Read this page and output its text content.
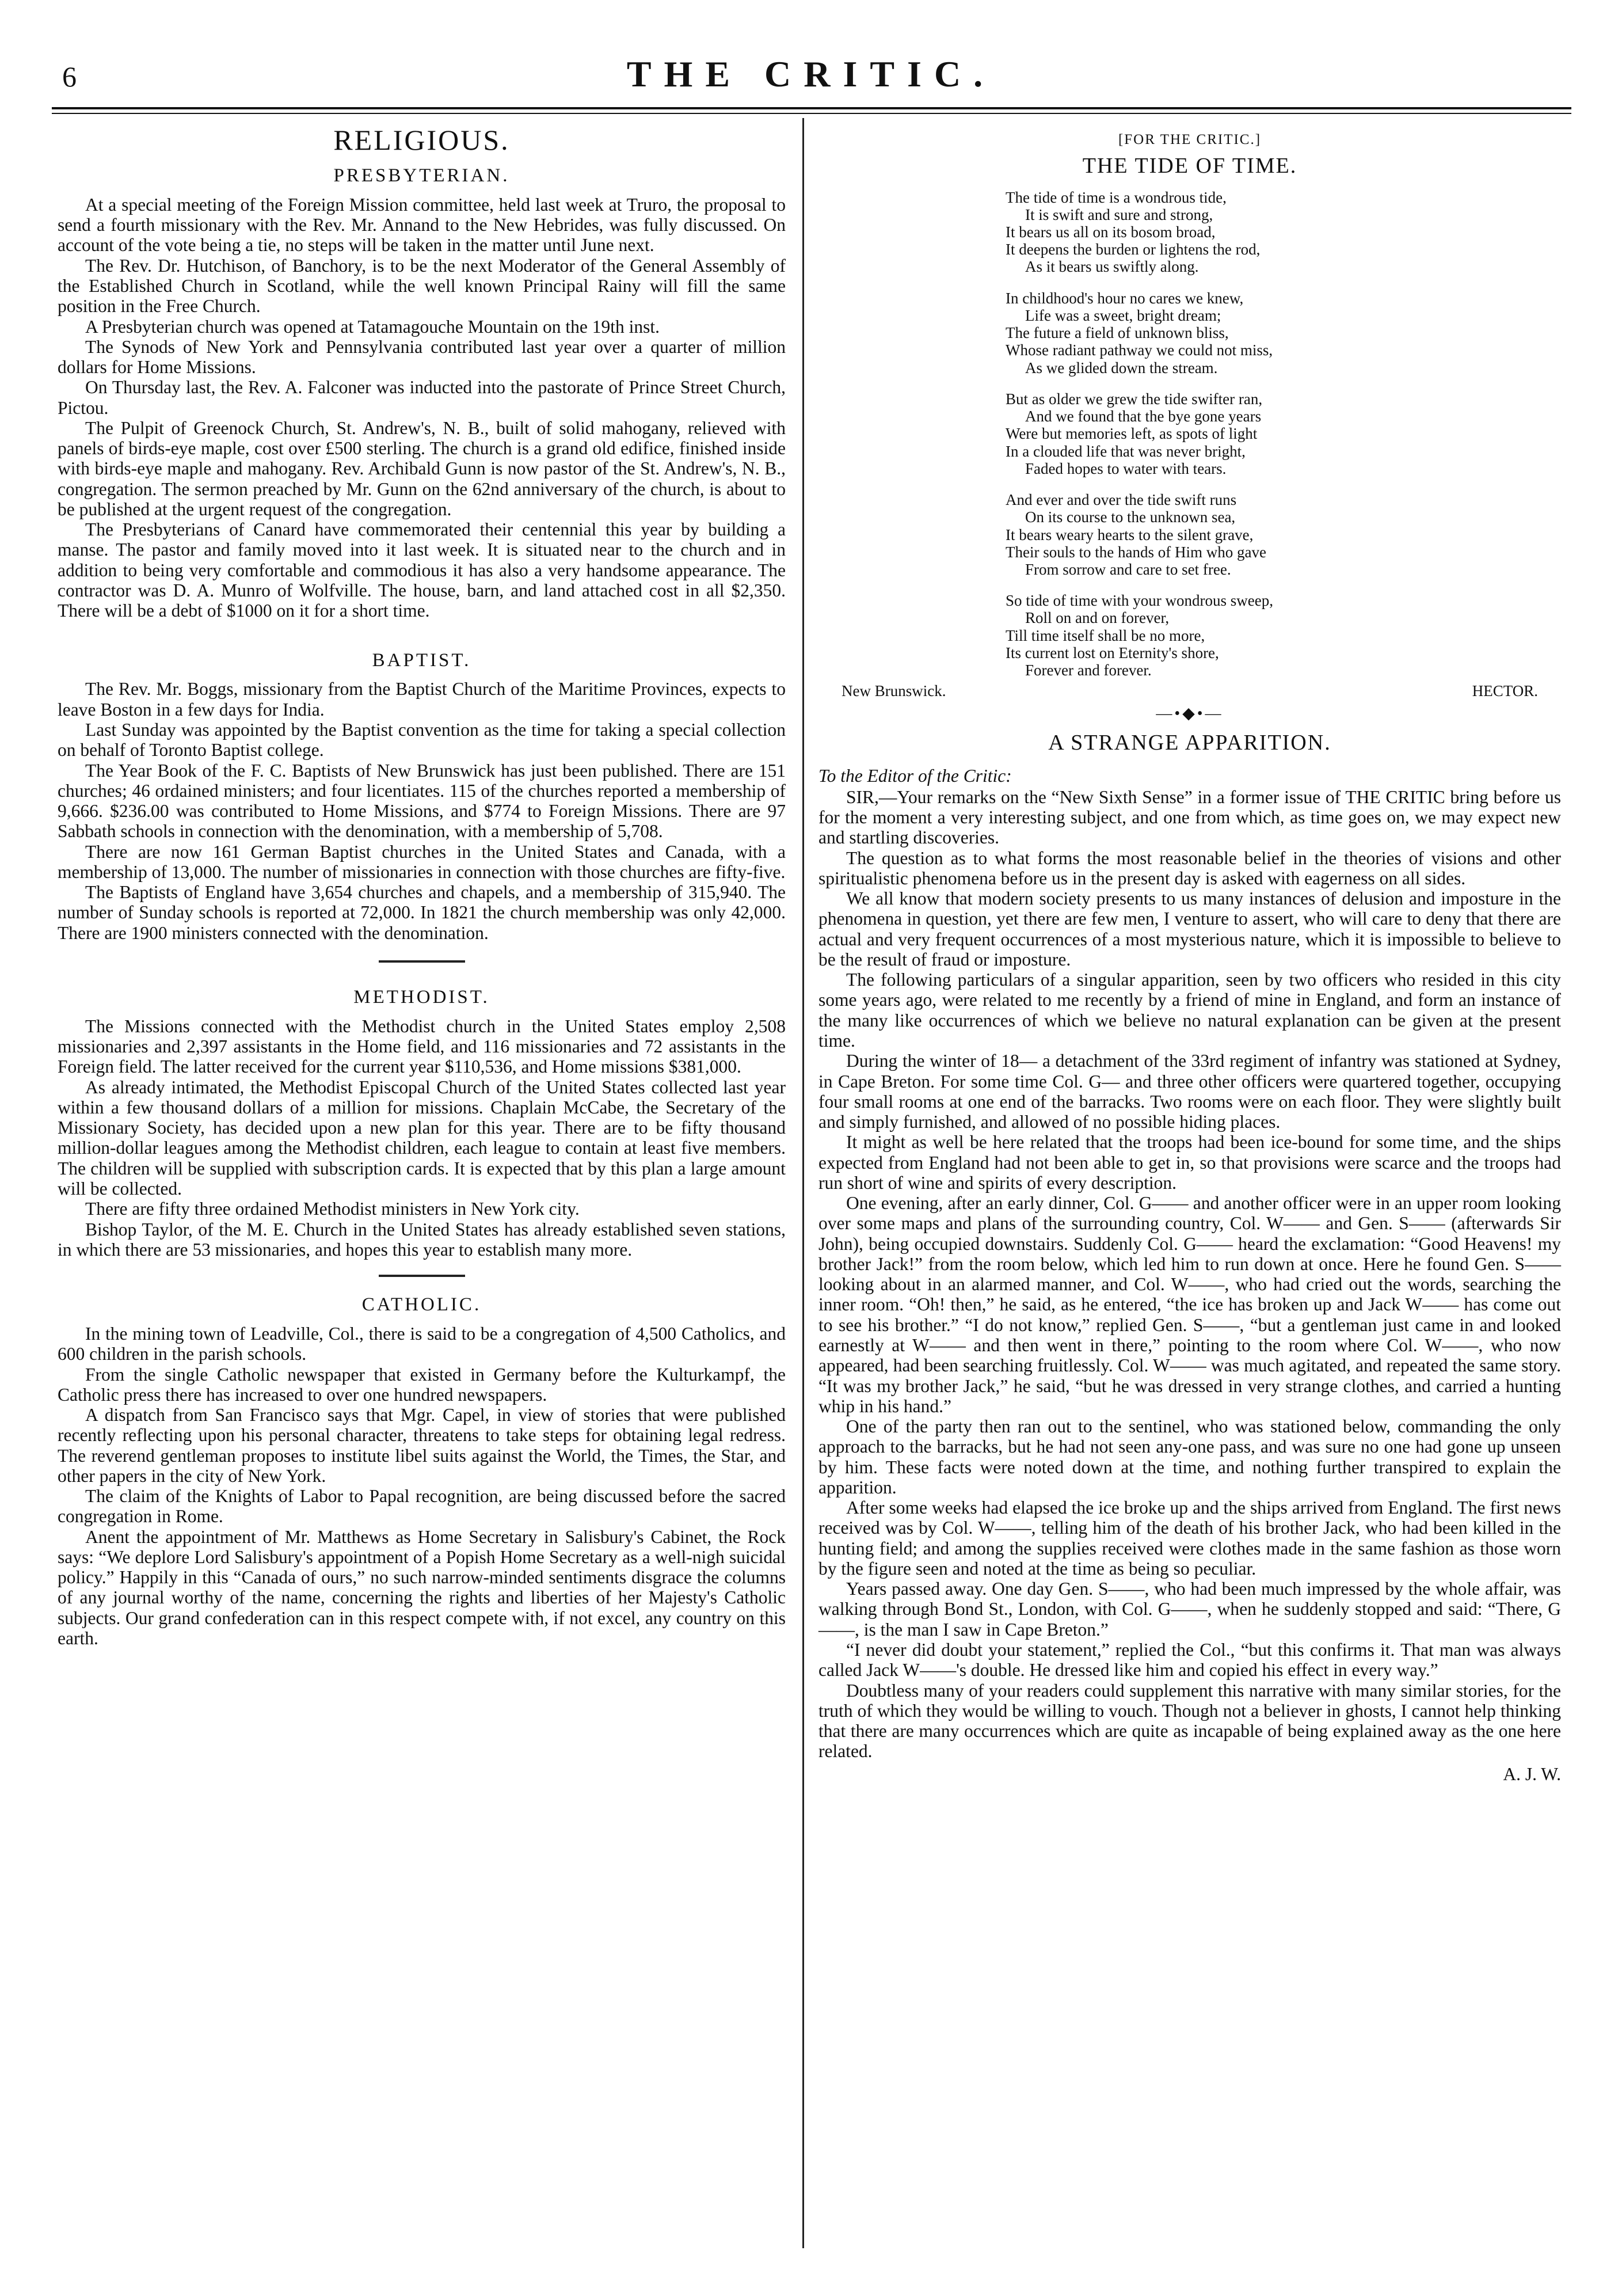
6	THE CRITIC.
RELIGIOUS.
PRESBYTERIAN.

At a special meeting of the Foreign Mission committee, held last week at Truro, the proposal to send a fourth missionary with the Rev. Mr. Annand to the New Hebrides, was fully discussed. On account of the vote being a tie, no steps will be taken in the matter until June next.

The Rev. Dr. Hutchison, of Banchory, is to be the next Moderator of the General Assembly of the Established Church in Scotland, while the well known Principal Rainy will fill the same position in the Free Church.

A Presbyterian church was opened at Tatamagouche Mountain on the 19th inst.

The Synods of New York and Pennsylvania contributed last year over a quarter of million dollars for Home Missions.

On Thursday last, the Rev. A. Falconer was inducted into the pastorate of Prince Street Church, Pictou.

The Pulpit of Greenock Church, St. Andrew's, N. B., built of solid mahogany, relieved with panels of birds-eye maple, cost over £500 sterling. The church is a grand old edifice, finished inside with birds-eye maple and mahogany. Rev. Archibald Gunn is now pastor of the St. Andrew's, N. B., congregation. The sermon preached by Mr. Gunn on the 62nd anniversary of the church, is about to be published at the urgent request of the congregation.

The Presbyterians of Canard have commemorated their centennial this year by building a manse. The pastor and family moved into it last week. It is situated near to the church and in addition to being very comfortable and commodious it has also a very handsome appearance. The contractor was D. A. Munro of Wolfville. The house, barn, and land attached cost in all $2,350. There will be a debt of $1000 on it for a short time.

BAPTIST.

The Rev. Mr. Boggs, missionary from the Baptist Church of the Maritime Provinces, expects to leave Boston in a few days for India.

Last Sunday was appointed by the Baptist convention as the time for taking a special collection on behalf of Toronto Baptist college.

The Year Book of the F. C. Baptists of New Brunswick has just been published. There are 151 churches; 46 ordained ministers; and four licentiates. 115 of the churches reported a membership of 9,666. $236.00 was contributed to Home Missions, and $774 to Foreign Missions. There are 97 Sabbath schools in connection with the denomination, with a membership of 5,708.

There are now 161 German Baptist churches in the United States and Canada, with a membership of 13,000. The number of missionaries in connection with those churches are fifty-five.

The Baptists of England have 3,654 churches and chapels, and a membership of 315,940. The number of Sunday schools is reported at 72,000. In 1821 the church membership was only 42,000. There are 1900 ministers connected with the denomination.

METHODIST.

The Missions connected with the Methodist church in the United States employ 2,508 missionaries and 2,397 assistants in the Home field, and 116 missionaries and 72 assistants in the Foreign field. The latter received for the current year $110,536, and Home missions $381,000.

As already intimated, the Methodist Episcopal Church of the United States collected last year within a few thousand dollars of a million for missions. Chaplain McCabe, the Secretary of the Missionary Society, has decided upon a new plan for this year. There are to be fifty thousand million-dollar leagues among the Methodist children, each league to contain at least five members. The children will be supplied with subscription cards. It is expected that by this plan a large amount will be collected.

There are fifty three ordained Methodist ministers in New York city.

Bishop Taylor, of the M. E. Church in the United States has already established seven stations, in which there are 53 missionaries, and hopes this year to establish many more.

CATHOLIC.

In the mining town of Leadville, Col., there is said to be a congregation of 4,500 Catholics, and 600 children in the parish schools.

From the single Catholic newspaper that existed in Germany before the Kulturkampf, the Catholic press there has increased to over one hundred newspapers.

A dispatch from San Francisco says that Mgr. Capel, in view of stories that were published recently reflecting upon his personal character, threatens to take steps for obtaining legal redress. The reverend gentleman proposes to institute libel suits against the World, the Times, the Star, and other papers in the city of New York.

The claim of the Knights of Labor to Papal recognition, are being discussed before the sacred congregation in Rome.

Anent the appointment of Mr. Matthews as Home Secretary in Salisbury's Cabinet, the Rock says: “We deplore Lord Salisbury's appointment of a Popish Home Secretary as a well-nigh suicidal policy.” Happily in this “Canada of ours,” no such narrow-minded sentiments disgrace the columns of any journal worthy of the name, concerning the rights and liberties of her Majesty's Catholic subjects. Our grand confederation can in this respect compete with, if not excel, any country on this earth.

[FOR THE CRITIC.]
THE TIDE OF TIME.
The tide of time is a wondrous tide,
It is swift and sure and strong,
It bears us all on its bosom broad,
It deepens the burden or lightens the rod,
As it bears us swiftly along.
In childhood's hour no cares we knew,
Life was a sweet, bright dream;
The future a field of unknown bliss,
Whose radiant pathway we could not miss,
As we glided down the stream.
But as older we grew the tide swifter ran,
And we found that the bye gone years
Were but memories left, as spots of light
In a clouded life that was never bright,
Faded hopes to water with tears.
And ever and over the tide swift runs
On its course to the unknown sea,
It bears weary hearts to the silent grave,
Their souls to the hands of Him who gave
From sorrow and care to set free.
So tide of time with your wondrous sweep,
Roll on and on forever,
Till time itself shall be no more,
Its current lost on Eternity's shore,
Forever and forever.
New Brunswick.	HECTOR.
—•◆•—
A STRANGE APPARITION.
To the Editor of the Critic:

SIR,—Your remarks on the “New Sixth Sense” in a former issue of THE CRITIC bring before us for the moment a very interesting subject, and one from which, as time goes on, we may expect new and startling discoveries.

The question as to what forms the most reasonable belief in the theories of visions and other spiritualistic phenomena before us in the present day is asked with eagerness on all sides.

We all know that modern society presents to us many instances of delusion and imposture in the phenomena in question, yet there are few men, I venture to assert, who will care to deny that there are actual and very frequent occurrences of a most mysterious nature, which it is impossible to believe to be the result of fraud or imposture.

The following particulars of a singular apparition, seen by two officers who resided in this city some years ago, were related to me recently by a friend of mine in England, and form an instance of the many like occurrences of which we believe no natural explanation can be given at the present time.

During the winter of 18— a detachment of the 33rd regiment of infantry was stationed at Sydney, in Cape Breton. For some time Col. G— and three other officers were quartered together, occupying four small rooms at one end of the barracks. Two rooms were on each floor. They were slightly built and simply furnished, and allowed of no possible hiding places.

It might as well be here related that the troops had been ice-bound for some time, and the ships expected from England had not been able to get in, so that provisions were scarce and the troops had run short of wine and spirits of every description.

One evening, after an early dinner, Col. G—— and another officer were in an upper room looking over some maps and plans of the surrounding country, Col. W—— and Gen. S—— (afterwards Sir John), being occupied downstairs. Suddenly Col. G—— heard the exclamation: “Good Heavens! my brother Jack!” from the room below, which led him to run down at once. Here he found Gen. S—— looking about in an alarmed manner, and Col. W——, who had cried out the words, searching the inner room. “Oh! then,” he said, as he entered, “the ice has broken up and Jack W—— has come out to see his brother.” “I do not know,” replied Gen. S——, “but a gentleman just came in and looked earnestly at W—— and then went in there,” pointing to the room where Col. W——, who now appeared, had been searching fruitlessly. Col. W—— was much agitated, and repeated the same story. “It was my brother Jack,” he said, “but he was dressed in very strange clothes, and carried a hunting whip in his hand.”

One of the party then ran out to the sentinel, who was stationed below, commanding the only approach to the barracks, but he had not seen any-one pass, and was sure no one had gone up unseen by him. These facts were noted down at the time, and nothing further transpired to explain the apparition.

After some weeks had elapsed the ice broke up and the ships arrived from England. The first news received was by Col. W——, telling him of the death of his brother Jack, who had been killed in the hunting field; and among the supplies received were clothes made in the same fashion as those worn by the figure seen and noted at the time as being so peculiar.

Years passed away. One day Gen. S——, who had been much impressed by the whole affair, was walking through Bond St., London, with Col. G——, when he suddenly stopped and said: “There, G——, is the man I saw in Cape Breton.”

“I never did doubt your statement,” replied the Col., “but this confirms it. That man was always called Jack W——'s double. He dressed like him and copied his effect in every way.”

Doubtless many of your readers could supplement this narrative with many similar stories, for the truth of which they would be willing to vouch. Though not a believer in ghosts, I cannot help thinking that there are many occurrences which are quite as incapable of being explained away as the one here related.

A. J. W.
